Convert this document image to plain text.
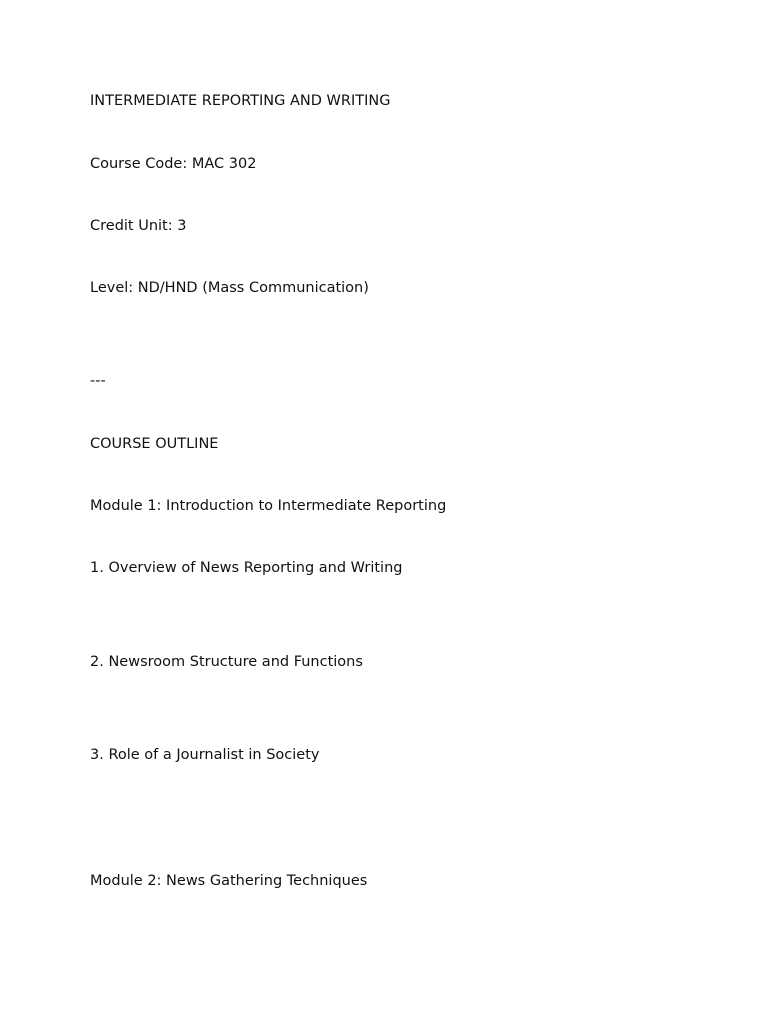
INTERMEDIATE REPORTING AND WRITING

Course Code: MAC 302

Credit Unit: 3

Level: ND/HND (Mass Communication)

---

COURSE OUTLINE

Module 1: Introduction to Intermediate Reporting

1. Overview of News Reporting and Writing

2. Newsroom Structure and Functions

3. Role of a Journalist in Society

Module 2: News Gathering Techniques
